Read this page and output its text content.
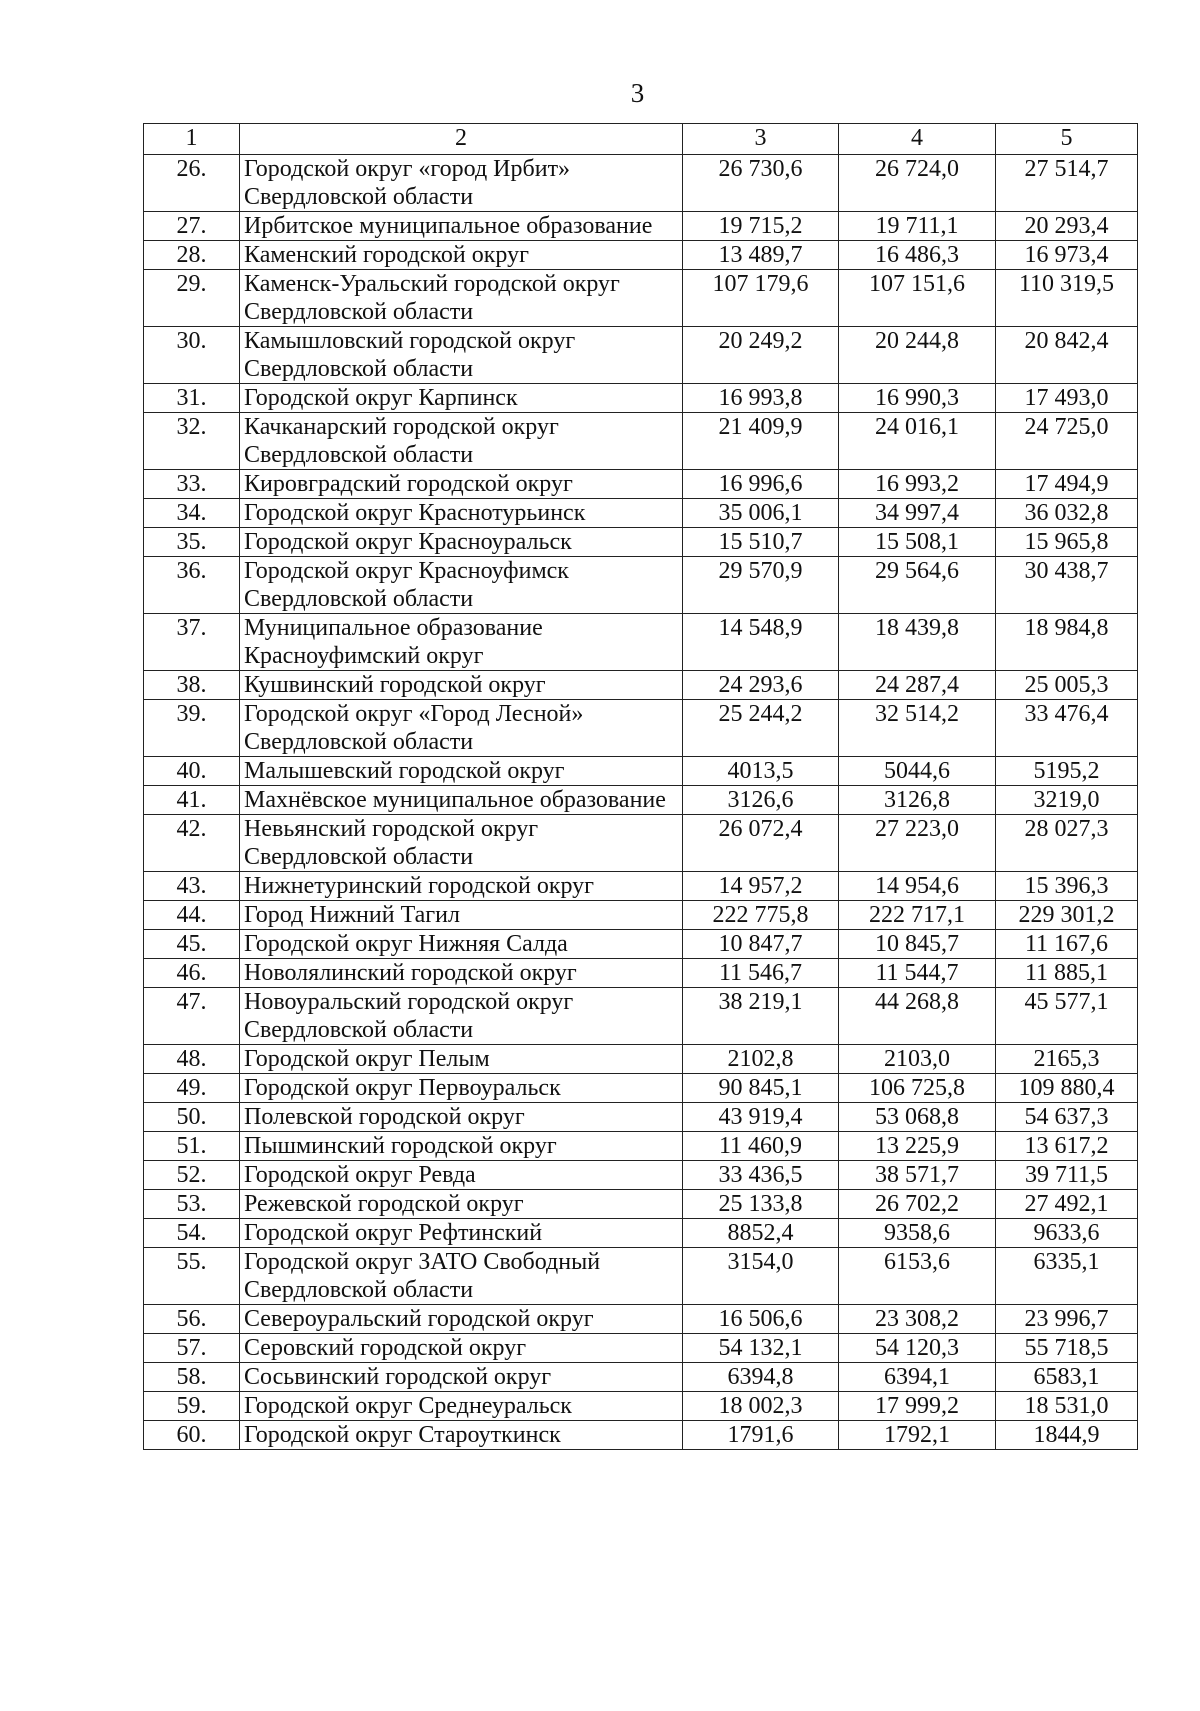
3
1	2	3	4	5
26.	Городской округ «город Ирбит» Свердловской области	26 730,6	26 724,0	27 514,7
27.	Ирбитское муниципальное образование	19 715,2	19 711,1	20 293,4
28.	Каменский городской округ	13 489,7	16 486,3	16 973,4
29.	Каменск-Уральский городской округ Свердловской области	107 179,6	107 151,6	110 319,5
30.	Камышловский городской округ Свердловской области	20 249,2	20 244,8	20 842,4
31.	Городской округ Карпинск	16 993,8	16 990,3	17 493,0
32.	Качканарский городской округ Свердловской области	21 409,9	24 016,1	24 725,0
33.	Кировградский городской округ	16 996,6	16 993,2	17 494,9
34.	Городской округ Краснотурьинск	35 006,1	34 997,4	36 032,8
35.	Городской округ Красноуральск	15 510,7	15 508,1	15 965,8
36.	Городской округ Красноуфимск Свердловской области	29 570,9	29 564,6	30 438,7
37.	Муниципальное образование Красноуфимский округ	14 548,9	18 439,8	18 984,8
38.	Кушвинский городской округ	24 293,6	24 287,4	25 005,3
39.	Городской округ «Город Лесной» Свердловской области	25 244,2	32 514,2	33 476,4
40.	Малышевский городской округ	4013,5	5044,6	5195,2
41.	Махнёвское муниципальное образование	3126,6	3126,8	3219,0
42.	Невьянский городской округ Свердловской области	26 072,4	27 223,0	28 027,3
43.	Нижнетуринский городской округ	14 957,2	14 954,6	15 396,3
44.	Город Нижний Тагил	222 775,8	222 717,1	229 301,2
45.	Городской округ Нижняя Салда	10 847,7	10 845,7	11 167,6
46.	Новолялинский городской округ	11 546,7	11 544,7	11 885,1
47.	Новоуральский городской округ Свердловской области	38 219,1	44 268,8	45 577,1
48.	Городской округ Пелым	2102,8	2103,0	2165,3
49.	Городской округ Первоуральск	90 845,1	106 725,8	109 880,4
50.	Полевской городской округ	43 919,4	53 068,8	54 637,3
51.	Пышминский городской округ	11 460,9	13 225,9	13 617,2
52.	Городской округ Ревда	33 436,5	38 571,7	39 711,5
53.	Режевской городской округ	25 133,8	26 702,2	27 492,1
54.	Городской округ Рефтинский	8852,4	9358,6	9633,6
55.	Городской округ ЗАТО Свободный Свердловской области	3154,0	6153,6	6335,1
56.	Североуральский городской округ	16 506,6	23 308,2	23 996,7
57.	Серовский городской округ	54 132,1	54 120,3	55 718,5
58.	Сосьвинский городской округ	6394,8	6394,1	6583,1
59.	Городской округ Среднеуральск	18 002,3	17 999,2	18 531,0
60.	Городской округ Староуткинск	1791,6	1792,1	1844,9
